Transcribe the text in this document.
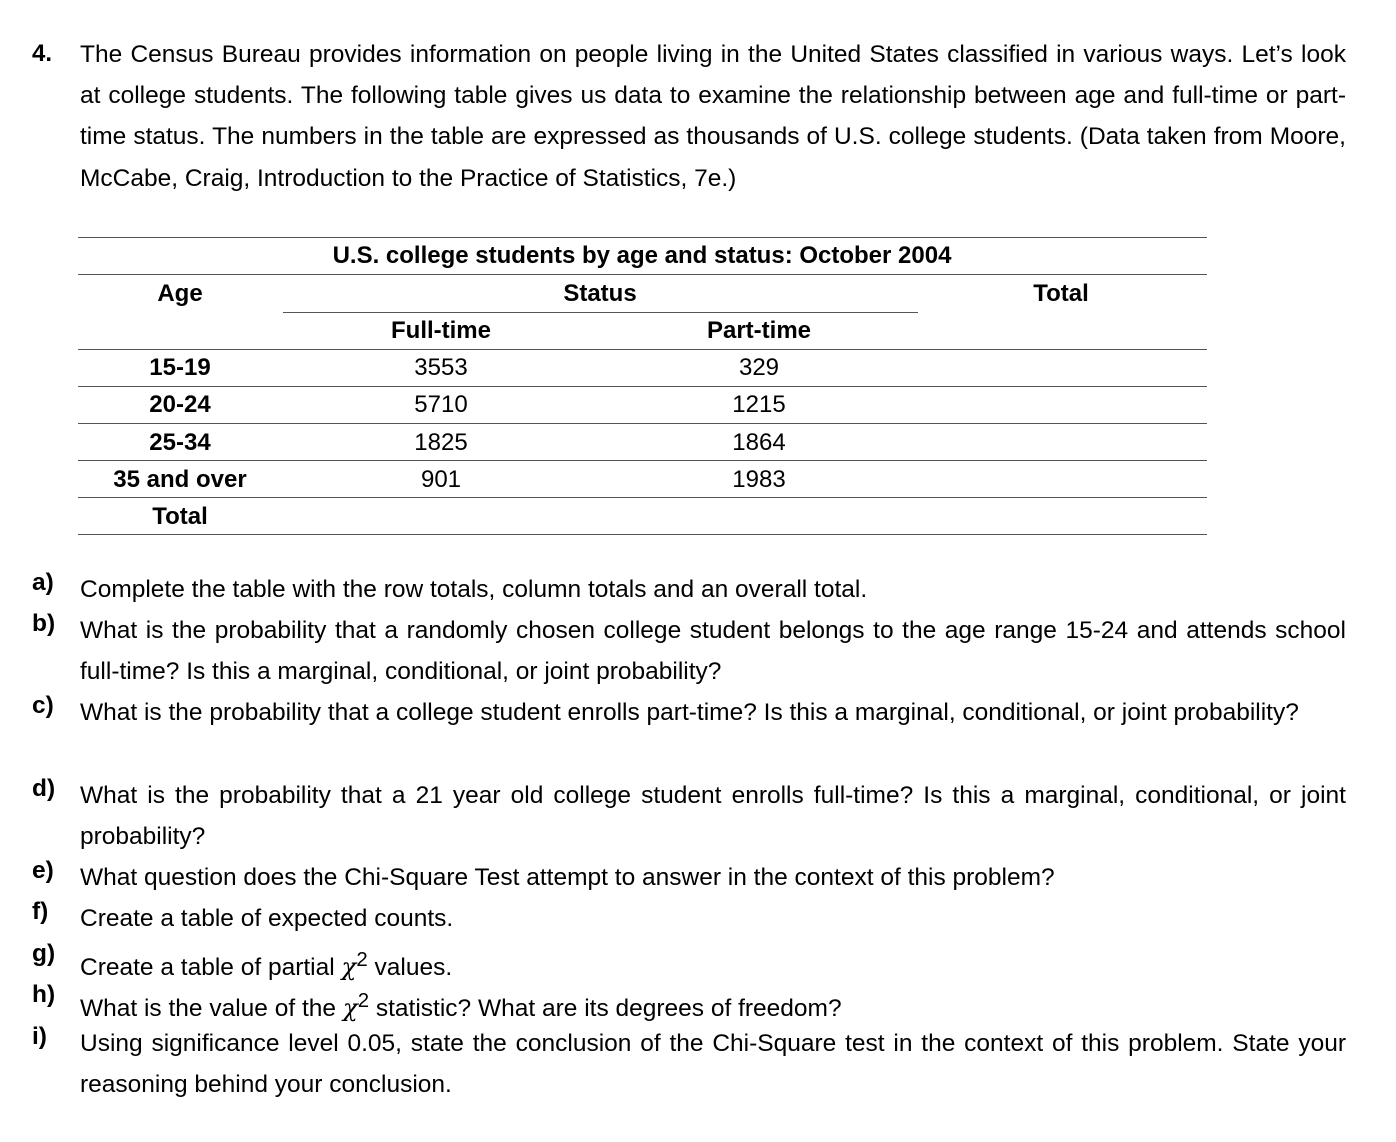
4. The Census Bureau provides information on people living in the United States classified in various ways. Let’s look at college students. The following table gives us data to examine the relationship between age and full-time or part-time status. The numbers in the table are expressed as thousands of U.S. college students. (Data taken from Moore, McCabe, Craig, Introduction to the Practice of Statistics, 7e.)
U.S. college students by age and status: October 2004
Age	Status	Total
Full-time	Part-time
15-19	3553	329
20-24	5710	1215
25-34	1825	1864
35 and over	901	1983
Total
a) Complete the table with the row totals, column totals and an overall total.
b) What is the probability that a randomly chosen college student belongs to the age range 15-24 and attends school full-time? Is this a marginal, conditional, or joint probability?
c) What is the probability that a college student enrolls part-time? Is this a marginal, conditional, or joint probability?
d) What is the probability that a 21 year old college student enrolls full-time? Is this a marginal, conditional, or joint probability?
e) What question does the Chi-Square Test attempt to answer in the context of this problem?
f) Create a table of expected counts.
g)
Create a table of partial $\chi^2$ values.
h)
What is the value of the $\chi^2$ statistic? What are its degrees of freedom?
i) Using significance level 0.05, state the conclusion of the Chi-Square test in the context of this problem. State your reasoning behind your conclusion.
